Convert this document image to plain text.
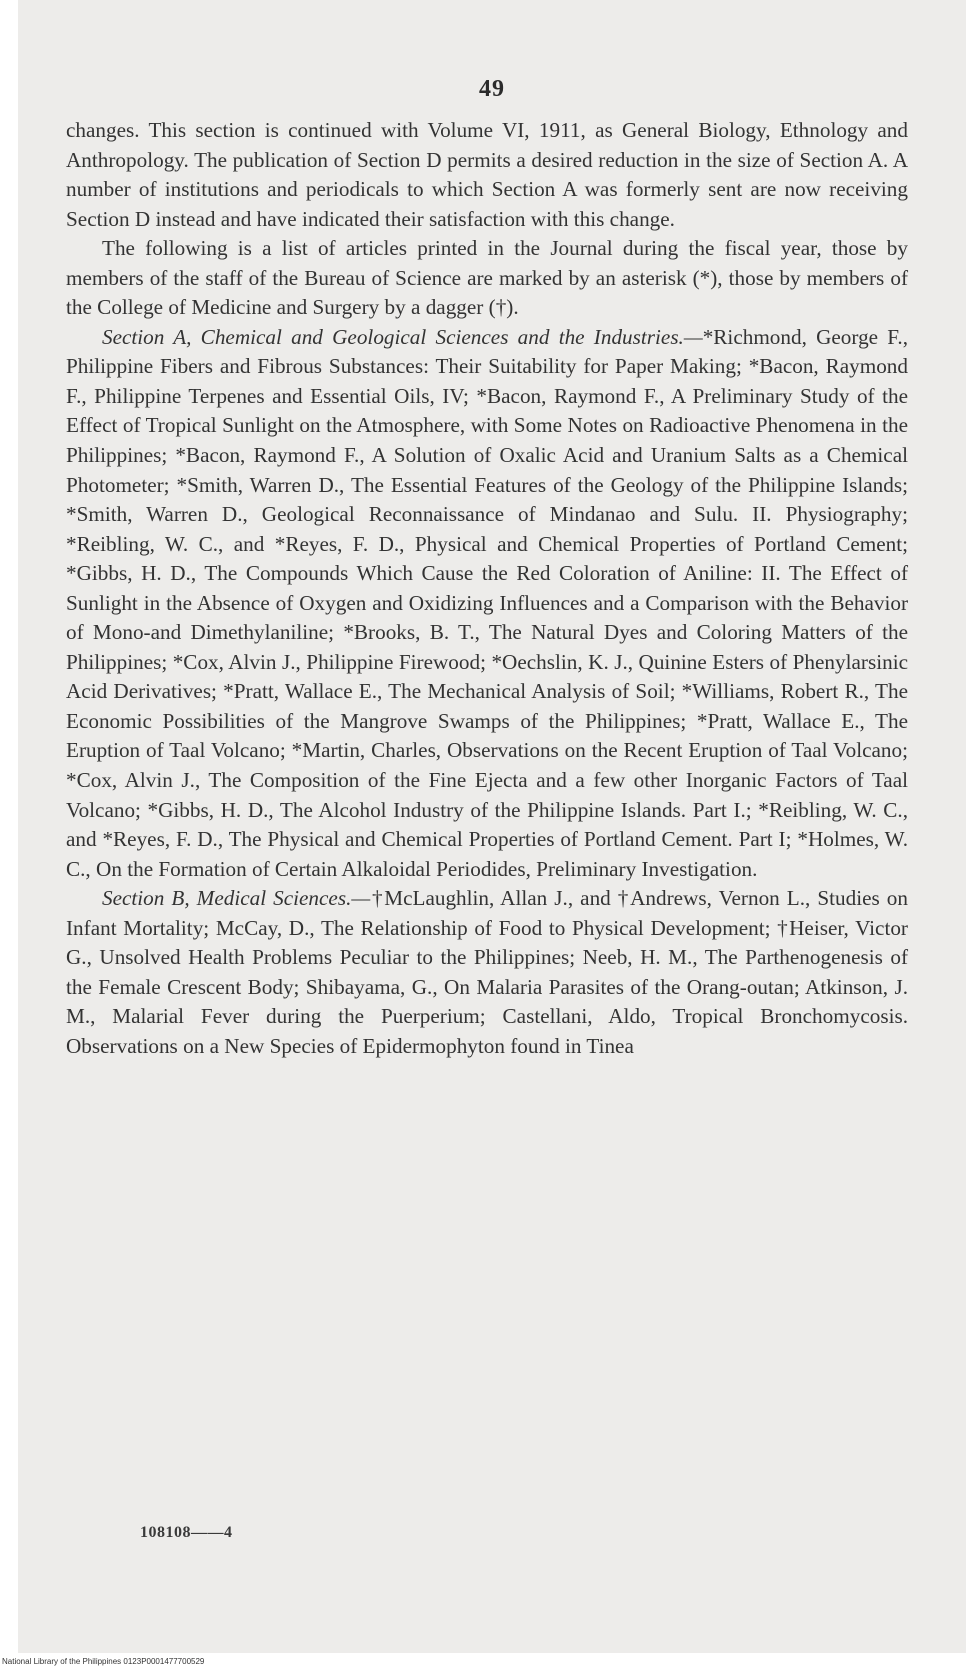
49

changes. This section is continued with Volume VI, 1911, as General Biology, Ethnology and Anthropology. The publication of Section D permits a desired reduction in the size of Section A. A number of institutions and periodicals to which Section A was formerly sent are now receiving Section D instead and have indicated their satisfaction with this change.

The following is a list of articles printed in the Journal during the fiscal year, those by members of the staff of the Bureau of Science are marked by an asterisk (*), those by members of the College of Medicine and Surgery by a dagger (†).

Section A, Chemical and Geological Sciences and the Industries.—*Richmond, George F., Philippine Fibers and Fibrous Substances: Their Suitability for Paper Making; *Bacon, Raymond F., Philippine Terpenes and Essential Oils, IV; *Bacon, Raymond F., A Preliminary Study of the Effect of Tropical Sunlight on the Atmosphere, with Some Notes on Radioactive Phenomena in the Philippines; *Bacon, Raymond F., A Solution of Oxalic Acid and Uranium Salts as a Chemical Photometer; *Smith, Warren D., The Essential Features of the Geology of the Philippine Islands; *Smith, Warren D., Geological Reconnaissance of Mindanao and Sulu. II. Physiography; *Reibling, W. C., and *Reyes, F. D., Physical and Chemical Properties of Portland Cement; *Gibbs, H. D., The Compounds Which Cause the Red Coloration of Aniline: II. The Effect of Sunlight in the Absence of Oxygen and Oxidizing Influences and a Comparison with the Behavior of Mono-and Dimethylaniline; *Brooks, B. T., The Natural Dyes and Coloring Matters of the Philippines; *Cox, Alvin J., Philippine Firewood; *Oechslin, K. J., Quinine Esters of Phenylarsinic Acid Derivatives; *Pratt, Wallace E., The Mechanical Analysis of Soil; *Williams, Robert R., The Economic Possibilities of the Mangrove Swamps of the Philippines; *Pratt, Wallace E., The Eruption of Taal Volcano; *Martin, Charles, Observations on the Recent Eruption of Taal Volcano; *Cox, Alvin J., The Composition of the Fine Ejecta and a few other Inorganic Factors of Taal Volcano; *Gibbs, H. D., The Alcohol Industry of the Philippine Islands. Part I.; *Reibling, W. C., and *Reyes, F. D., The Physical and Chemical Properties of Portland Cement. Part I; *Holmes, W. C., On the Formation of Certain Alkaloidal Periodides, Preliminary Investigation.

Section B, Medical Sciences.—†McLaughlin, Allan J., and †Andrews, Vernon L., Studies on Infant Mortality; McCay, D., The Relationship of Food to Physical Development; †Heiser, Victor G., Unsolved Health Problems Peculiar to the Philippines; Neeb, H. M., The Parthenogenesis of the Female Crescent Body; Shibayama, G., On Malaria Parasites of the Orang-outan; Atkinson, J. M., Malarial Fever during the Puerperium; Castellani, Aldo, Tropical Bronchomycosis. Observations on a New Species of Epidermophyton found in Tinea

108108——4
National Library of the Philippines 0123P0001477700529
